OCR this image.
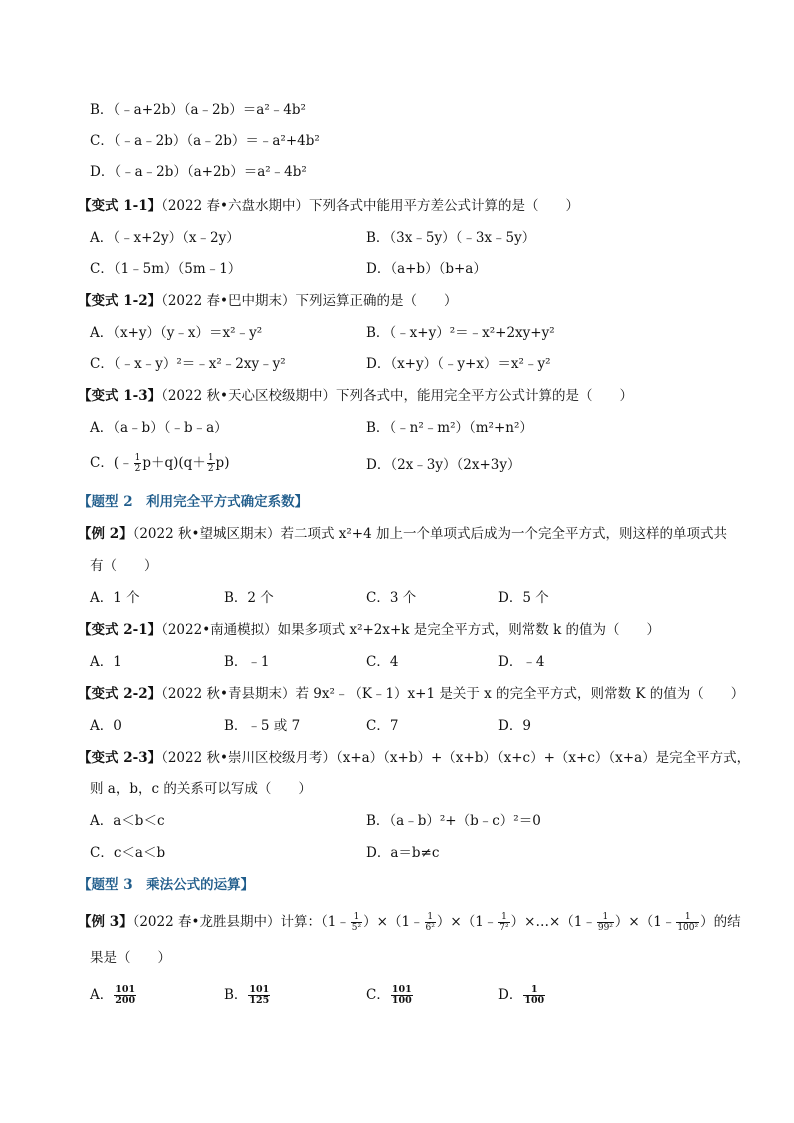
B．（﹣a+2b）（a﹣2b）＝a²﹣4b²
C．（﹣a﹣2b）（a﹣2b）＝﹣a²+4b²
D．（﹣a﹣2b）（a+2b）＝a²﹣4b²
【变式 1-1】（2022 春•六盘水期中）下列各式中能用平方差公式计算的是（　　）
A．（﹣x+2y）（x﹣2y）	B．（3x﹣5y）（﹣3x﹣5y）
C．（1﹣5m）（5m﹣1）	D．（a+b）（b+a）
【变式 1-2】（2022 春•巴中期末）下列运算正确的是（　　）
A．（x+y）（y﹣x）＝x²﹣y²	B．（﹣x+y）²＝﹣x²+2xy+y²
C．（﹣x﹣y）²＝﹣x²﹣2xy﹣y²	D．（x+y）（﹣y+x）＝x²﹣y²
【变式 1-3】（2022 秋•天心区校级期中）下列各式中，能用完全平方公式计算的是（　　）
A．（a﹣b）（﹣b﹣a）	B．（﹣n²﹣m²）（m²+n²）
C．(﹣ $\frac{1}{2} p+q)(q+ \frac{1}{2} p)$	D．（2x﹣3y）（2x+3y）
【题型 2　利用完全平方式确定系数】
【例 2】（2022 秋•望城区期末）若二项式 x²+4 加上一个单项式后成为一个完全平方式，则这样的单项式共
有（　　）
A．1 个	B．2 个	C．3 个	D．5 个
【变式 2-1】（2022•南通模拟）如果多项式 x²+2x+k 是完全平方式，则常数 k 的值为（　　）
A．1	B．﹣1	C．4	D．﹣4
【变式 2-2】（2022 秋•青县期末）若 9x²﹣（K﹣1）x+1 是关于 x 的完全平方式，则常数 K 的值为（　　）
A．0	B．﹣5 或 7	C．7	D．9
【变式 2-3】（2022 秋•崇川区校级月考）（x+a）（x+b）+（x+b）（x+c）+（x+c）（x+a）是完全平方式，
则 a，b，c 的关系可以写成（　　）
A．a＜b＜c	B．（a﹣b）²+（b﹣c）²＝0
C．c＜a＜b	D．a＝b≠c
【题型 3　乘法公式的运算】
【例 3】（2022 春•龙胜县期中）计算：（1﹣ $\frac{1}{\text{5²}}$ ）×（1﹣ $\frac{1}{\text{6²}}$ ）×（1﹣ $\frac{1}{\text{7²}}$ ）×…×（1﹣ $\frac{1}{\text{99²}}$ ）×（1﹣ $\frac{1}{\text{100²}}$ ）的结
果是（　　）
A． $\frac{101}{200}$	B． $\frac{101}{125}$	C． $\frac{101}{100}$	D． $\frac{1}{100}$
